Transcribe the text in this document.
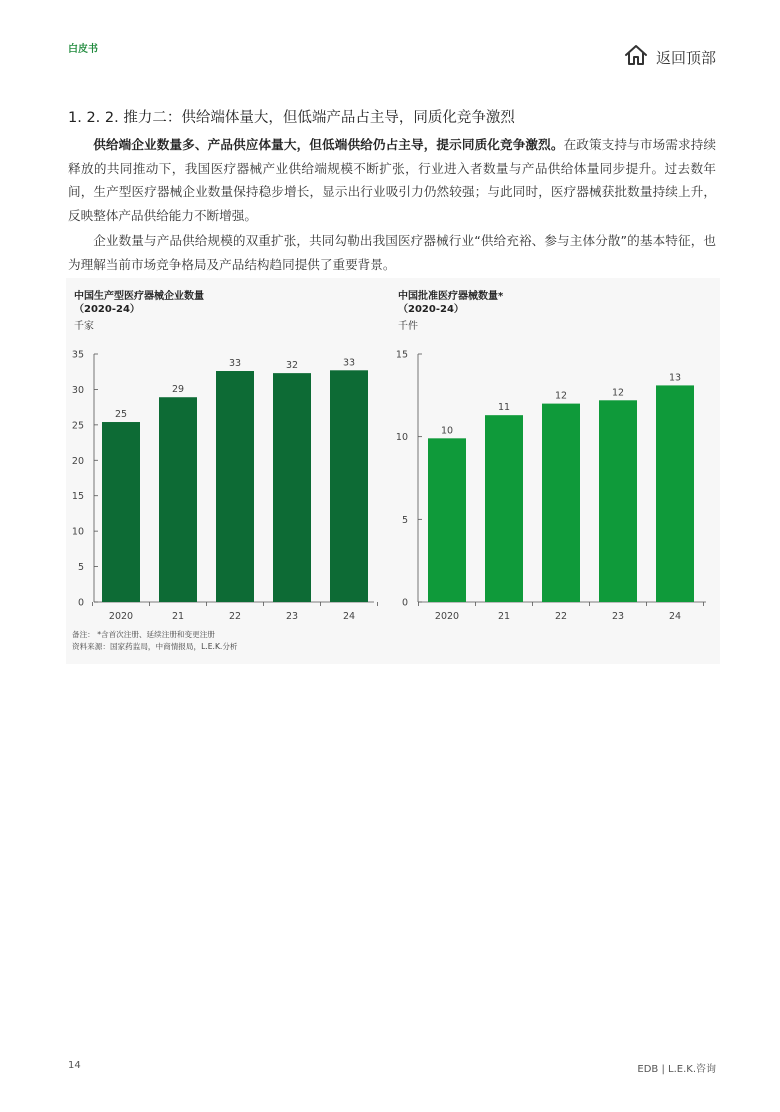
白皮书	返回顶部
1. 2. 2. 推力二：供给端体量大，但低端产品占主导，同质化竞争激烈

供给端企业数量多、产品供应体量大，但低端供给仍占主导，提示同质化竞争激烈。在政策支持与市场需求持续释放的共同推动下，我国医疗器械产业供给端规模不断扩张，行业进入者数量与产品供给体量同步提升。过去数年间，生产型医疗器械企业数量保持稳步增长，显示出行业吸引力仍然较强；与此同时，医疗器械获批数量持续上升，反映整体产品供给能力不断增强。

企业数量与产品供给规模的双重扩张，共同勾勒出我国医疗器械行业“供给充裕、参与主体分散”的基本特征，也为理解当前市场竞争格局及产品结构趋同提供了重要背景。

中国生产型医疗器械企业数量
（2020-24）
千家
中国批准医疗器械数量*
（2020-24）
千件
0
5
10
15
20
25
30
35
25
2020
29
21
33
22
32
23
33
24
0
5
10
15
10
2020
11
21
12
22
12
23
13
24
备注： *含首次注册、延续注册和变更注册
资料来源：国家药监局，中商情报局，L.E.K.分析
14	EDB | L.E.K.咨询
